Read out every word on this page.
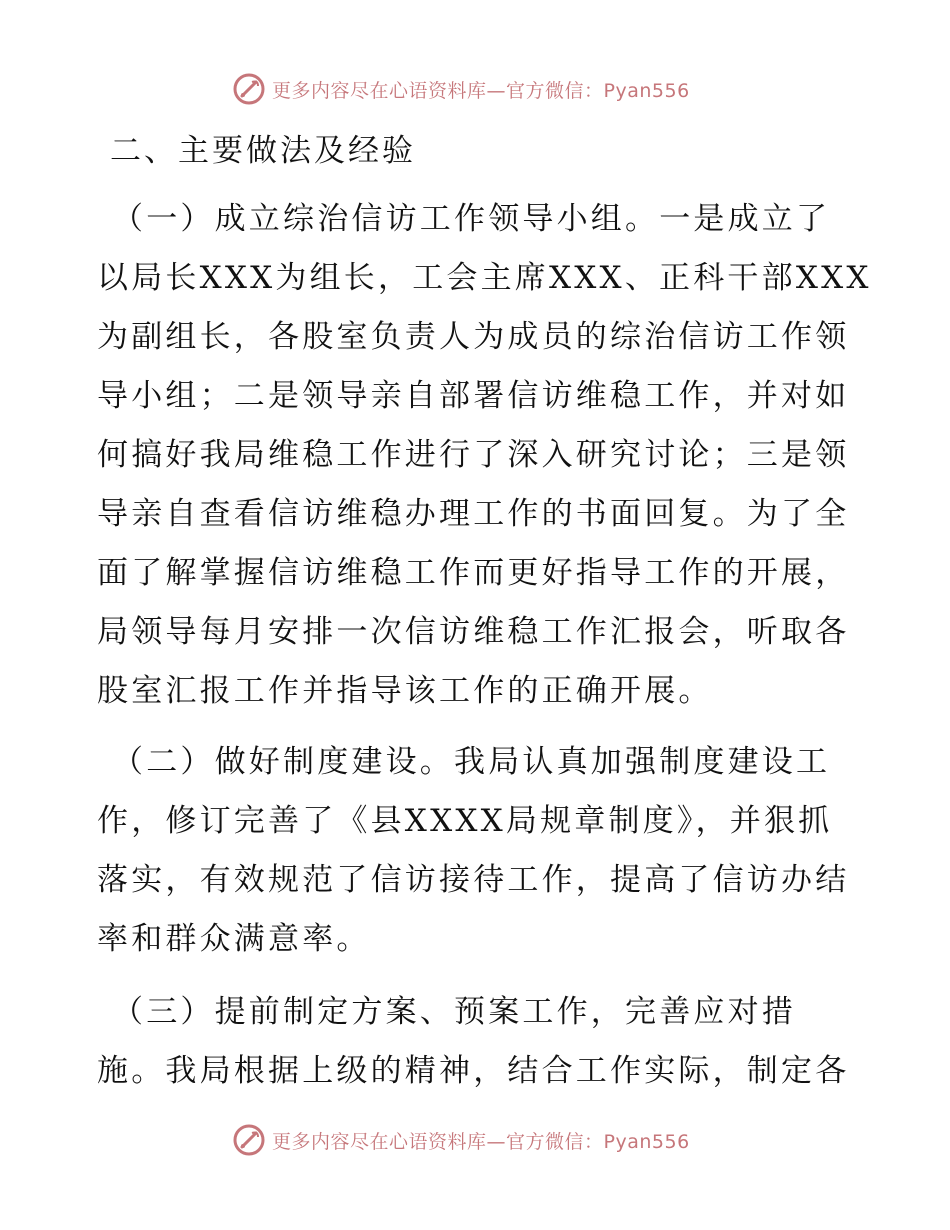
更多内容尽在心语资料库—官方微信：Pyan556
二、主要做法及经验
（一）成立综治信访工作领导小组。一是成立了
以局长XXX为组长，工会主席XXX、正科干部XXX
为副组长，各股室负责人为成员的综治信访工作领
导小组；二是领导亲自部署信访维稳工作，并对如
何搞好我局维稳工作进行了深入研究讨论；三是领
导亲自查看信访维稳办理工作的书面回复。为了全
面了解掌握信访维稳工作而更好指导工作的开展，
局领导每月安排一次信访维稳工作汇报会，听取各
股室汇报工作并指导该工作的正确开展。
（二）做好制度建设。我局认真加强制度建设工
作，修订完善了《县XXXX局规章制度》，并狠抓
落实，有效规范了信访接待工作，提高了信访办结
率和群众满意率。
（三）提前制定方案、预案工作，完善应对措
施。我局根据上级的精神，结合工作实际，制定各
更多内容尽在心语资料库—官方微信：Pyan556
